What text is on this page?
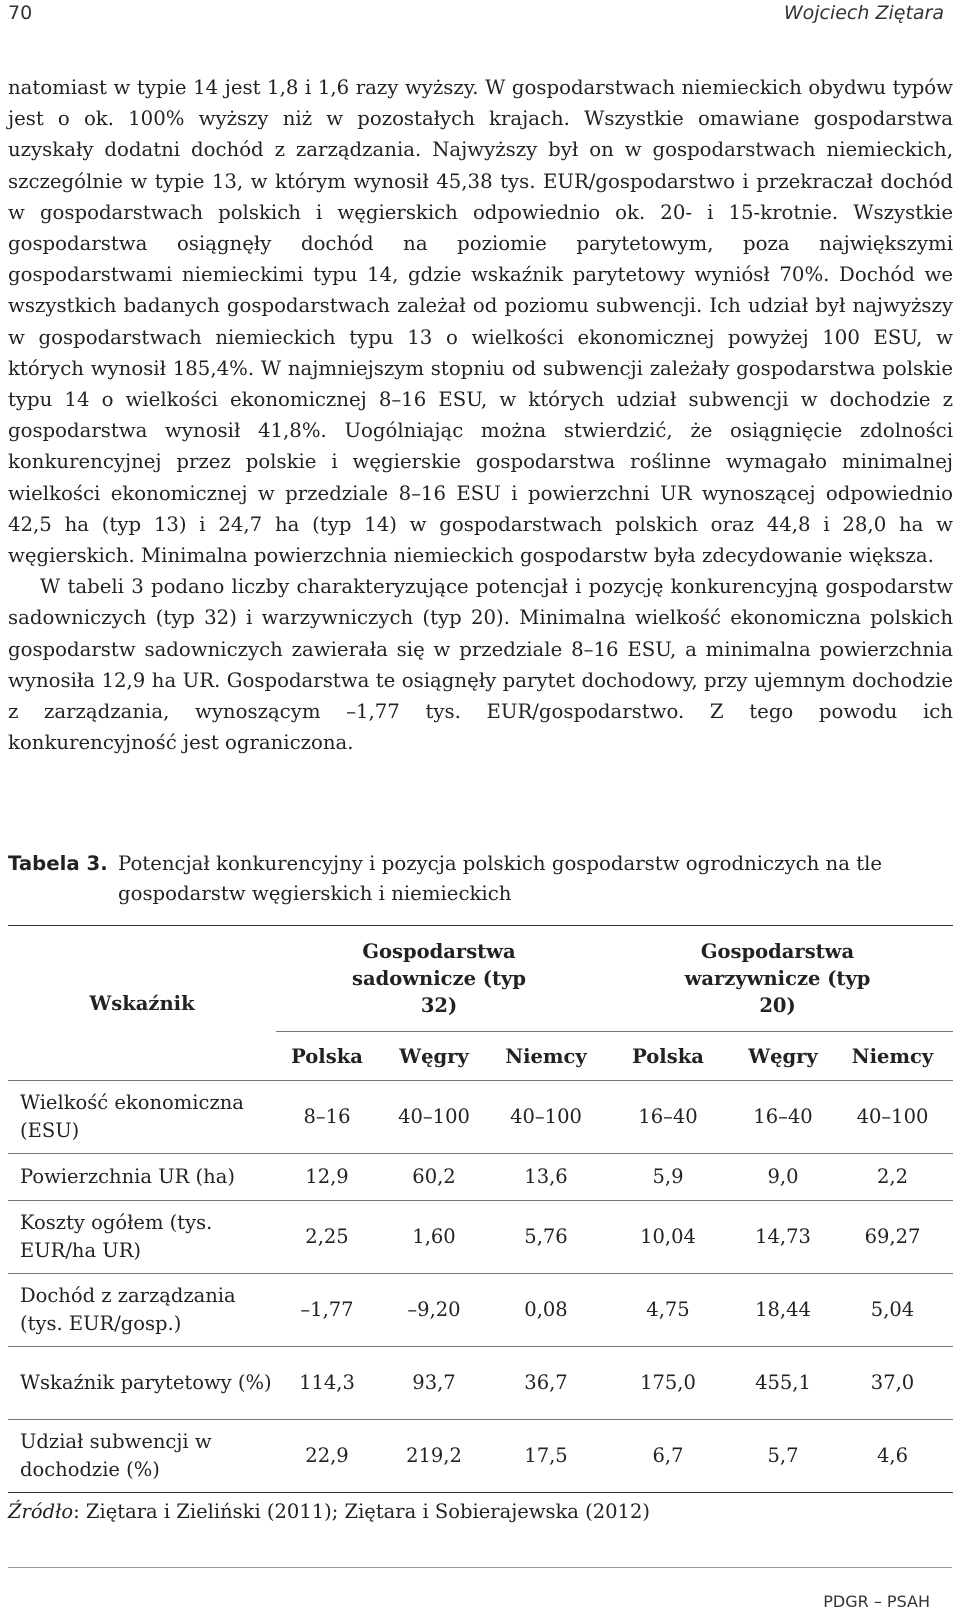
70	Wojciech Ziętara

natomiast w typie 14 jest 1,8 i 1,6 razy wyższy. W gospodarstwach niemieckich obydwu typów jest o ok. 100% wyższy niż w pozostałych krajach. Wszystkie omawiane gospodarstwa uzyskały dodatni dochód z zarządzania. Najwyższy był on w gospodarstwach niemieckich, szczególnie w typie 13, w którym wynosił 45,38 tys. EUR/gospodarstwo i przekraczał dochód w gospodarstwach polskich i węgierskich odpowiednio ok. 20- i 15-krotnie. Wszystkie gospodarstwa osiągnęły dochód na poziomie parytetowym, poza największymi gospodarstwami niemieckimi typu 14, gdzie wskaźnik parytetowy wyniósł 70%. Dochód we wszystkich badanych gospodarstwach zależał od poziomu subwencji. Ich udział był najwyższy w gospodarstwach niemieckich typu 13 o wielkości ekonomicznej powyżej 100 ESU, w których wynosił 185,4%. W najmniejszym stopniu od subwencji zależały gospodarstwa polskie typu 14 o wielkości ekonomicznej 8–16 ESU, w których udział subwencji w dochodzie z gospodarstwa wynosił 41,8%. Uogólniając można stwierdzić, że osiągnięcie zdolności konkurencyjnej przez polskie i węgierskie gospodarstwa roślinne wymagało minimalnej wielkości ekonomicznej w przedziale 8–16 ESU i powierzchni UR wynoszącej odpowiednio 42,5 ha (typ 13) i 24,7 ha (typ 14) w gospodarstwach polskich oraz 44,8 i 28,0 ha w węgierskich. Minimalna powierzchnia niemieckich gospodarstw była zdecydowanie większa.

W tabeli 3 podano liczby charakteryzujące potencjał i pozycję konkurencyjną gospodarstw sadowniczych (typ 32) i warzywniczych (typ 20). Minimalna wielkość ekonomiczna polskich gospodarstw sadowniczych zawierała się w przedziale 8–16 ESU, a minimalna powierzchnia wynosiła 12,9 ha UR. Gospodarstwa te osiągnęły parytet dochodowy, przy ujemnym dochodzie z zarządzania, wynoszącym –1,77 tys. EUR/gospodarstwo. Z tego powodu ich konkurencyjność jest ograniczona.

Tabela 3. Potencjał konkurencyjny i pozycja polskich gospodarstw ogrodniczych na tle gospodarstw węgierskich i niemieckich
Wskaźnik	Gospodarstwa sadownicze (typ 32)			Gospodarstwa warzywnicze (typ 20)		

	Polska	Węgry	Niemcy	Polska	Węgry	Niemcy
Wielkość ekonomiczna (ESU)	8–16	40–100	40–100	16–40	16–40	40–100
Powierzchnia UR (ha)	12,9	60,2	13,6	5,9	9,0	2,2
Koszty ogółem (tys. EUR/ha UR)	2,25	1,60	5,76	10,04	14,73	69,27
Dochód z zarządzania (tys. EUR/gosp.)	–1,77	–9,20	0,08	4,75	18,44	5,04
Wskaźnik parytetowy (%)	114,3	93,7	36,7	175,0	455,1	37,0
Udział subwencji w dochodzie (%)	22,9	219,2	17,5	6,7	5,7	4,6
Źródło: Ziętara i Zieliński (2011); Ziętara i Sobierajewska (2012)
PDGR – PSAH
